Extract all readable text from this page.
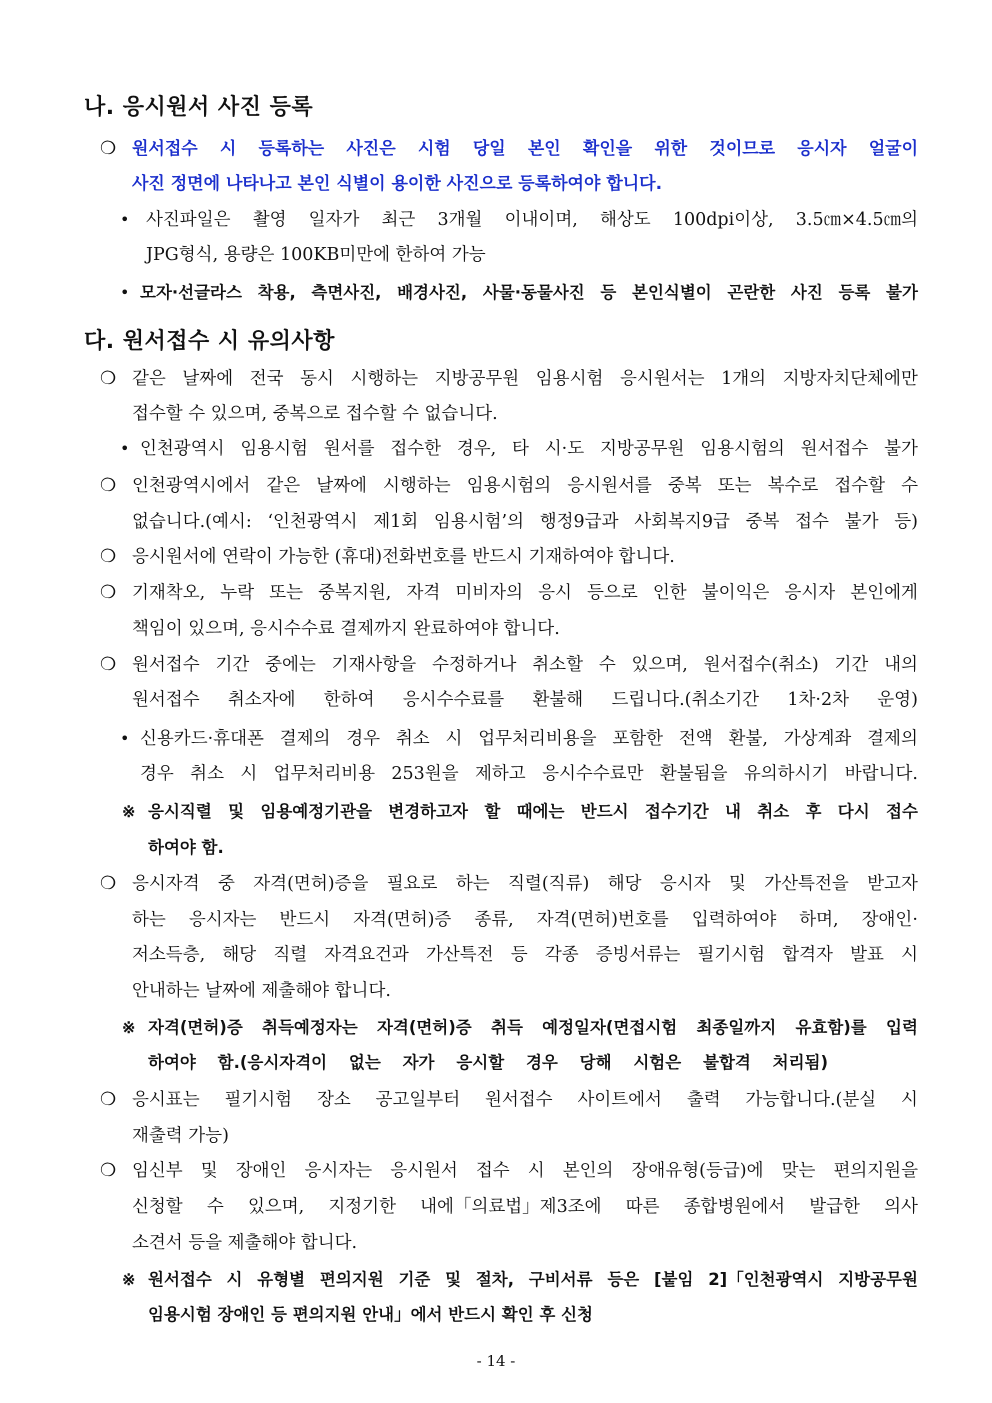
나. 응시원서 사진 등록
❍ 원서접수 시 등록하는 사진은 시험 당일 본인 확인을 위한 것이므로 응시자 얼굴이
사진 정면에 나타나고 본인 식별이 용이한 사진으로 등록하여야 합니다.
• 사진파일은 촬영 일자가 최근 3개월 이내이며, 해상도 100dpi이상, 3.5㎝×4.5㎝의
JPG형식, 용량은 100KB미만에 한하여 가능
• 모자·선글라스 착용, 측면사진, 배경사진, 사물·동물사진 등 본인식별이 곤란한 사진 등록 불가
다. 원서접수 시 유의사항
❍ 같은 날짜에 전국 동시 시행하는 지방공무원 임용시험 응시원서는 1개의 지방자치단체에만
접수할 수 있으며, 중복으로 접수할 수 없습니다.
• 인천광역시 임용시험 원서를 접수한 경우, 타 시·도 지방공무원 임용시험의 원서접수 불가
❍ 인천광역시에서 같은 날짜에 시행하는 임용시험의 응시원서를 중복 또는 복수로 접수할 수
없습니다.(예시: ‘인천광역시 제1회 임용시험’의 행정9급과 사회복지9급 중복 접수 불가 등)
❍ 응시원서에 연락이 가능한 (휴대)전화번호를 반드시 기재하여야 합니다.
❍ 기재착오, 누락 또는 중복지원, 자격 미비자의 응시 등으로 인한 불이익은 응시자 본인에게
책임이 있으며, 응시수수료 결제까지 완료하여야 합니다.
❍ 원서접수 기간 중에는 기재사항을 수정하거나 취소할 수 있으며, 원서접수(취소) 기간 내의
원서접수 취소자에 한하여 응시수수료를 환불해 드립니다.(취소기간 1차·2차 운영)
• 신용카드·휴대폰 결제의 경우 취소 시 업무처리비용을 포함한 전액 환불, 가상계좌 결제의
경우 취소 시 업무처리비용 253원을 제하고 응시수수료만 환불됨을 유의하시기 바랍니다.
※ 응시직렬 및 임용예정기관을 변경하고자 할 때에는 반드시 접수기간 내 취소 후 다시 접수
하여야 함.
❍ 응시자격 중 자격(면허)증을 필요로 하는 직렬(직류) 해당 응시자 및 가산특전을 받고자
하는 응시자는 반드시 자격(면허)증 종류, 자격(면허)번호를 입력하여야 하며, 장애인·
저소득층, 해당 직렬 자격요건과 가산특전 등 각종 증빙서류는 필기시험 합격자 발표 시
안내하는 날짜에 제출해야 합니다.
※ 자격(면허)증 취득예정자는 자격(면허)증 취득 예정일자(면접시험 최종일까지 유효함)를 입력
하여야 함.(응시자격이 없는 자가 응시할 경우 당해 시험은 불합격 처리됨)
❍ 응시표는 필기시험 장소 공고일부터 원서접수 사이트에서 출력 가능합니다.(분실 시
재출력 가능)
❍ 임신부 및 장애인 응시자는 응시원서 접수 시 본인의 장애유형(등급)에 맞는 편의지원을
신청할 수 있으며, 지정기한 내에「의료법」제3조에 따른 종합병원에서 발급한 의사
소견서 등을 제출해야 합니다.
※ 원서접수 시 유형별 편의지원 기준 및 절차, 구비서류 등은 [붙임 2]「인천광역시 지방공무원
임용시험 장애인 등 편의지원 안내」에서 반드시 확인 후 신청
- 14 -
